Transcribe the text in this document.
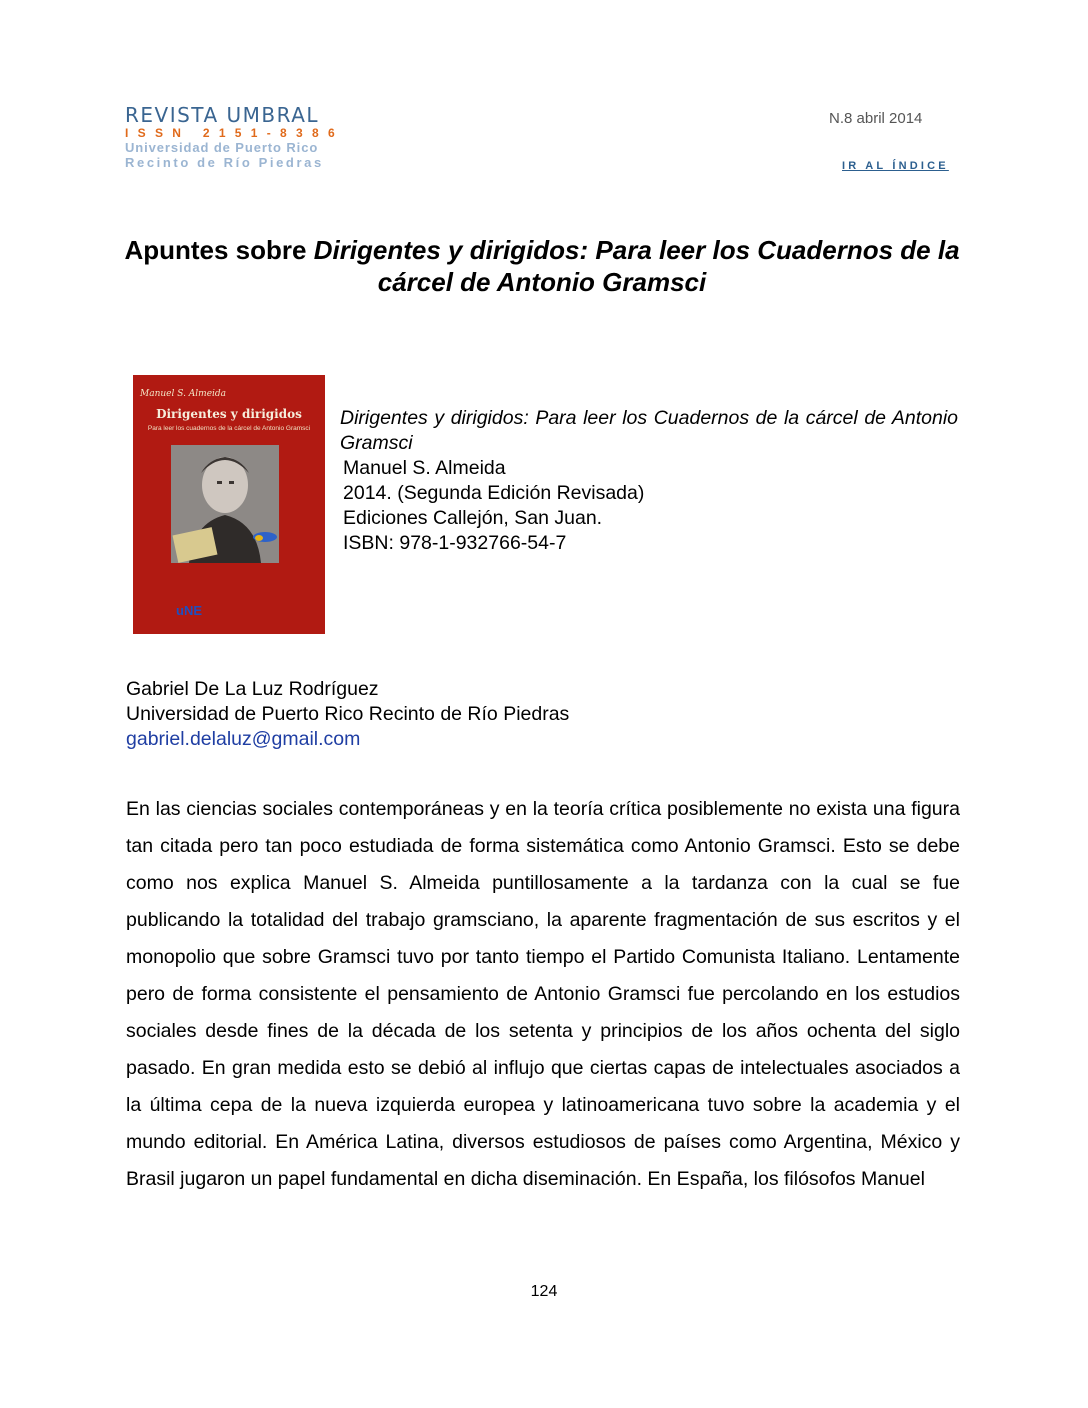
REVISTA UMBRAL
ISSN 2151-8386
Universidad de Puerto Rico
Recinto de Río Piedras
N.8 abril 2014
IR AL ÍNDICE
Apuntes sobre Dirigentes y dirigidos: Para leer los Cuadernos de la cárcel de Antonio Gramsci
Manuel S. Almeida
Dirigentes y dirigidos
Para leer los cuadernos de la cárcel de Antonio Gramsci
uNE
Dirigentes y dirigidos: Para leer los Cuadernos de la cárcel de Antonio Gramsci
Manuel S. Almeida
2014. (Segunda Edición Revisada)
Ediciones Callejón, San Juan.
ISBN: 978-1-932766-54-7
Gabriel De La Luz Rodríguez
Universidad de Puerto Rico Recinto de Río Piedras
gabriel.delaluz@gmail.com
En las ciencias sociales contemporáneas y en la teoría crítica posiblemente no exista una figura tan citada pero tan poco estudiada de forma sistemática como Antonio Gramsci. Esto se debe como nos explica Manuel S. Almeida puntillosamente a la tardanza con la cual se fue publicando la totalidad del trabajo gramsciano, la aparente fragmentación de sus escritos y el monopolio que sobre Gramsci tuvo por tanto tiempo el Partido Comunista Italiano. Lentamente pero de forma consistente el pensamiento de Antonio Gramsci fue percolando en los estudios sociales desde fines de la década de los setenta y principios de los años ochenta del siglo pasado. En gran medida esto se debió al influjo que ciertas capas de intelectuales asociados a la última cepa de la nueva izquierda europea y latinoamericana tuvo sobre la academia y el mundo editorial. En América Latina, diversos estudiosos de países como Argentina, México y Brasil jugaron un papel fundamental en dicha diseminación. En España, los filósofos Manuel
124
